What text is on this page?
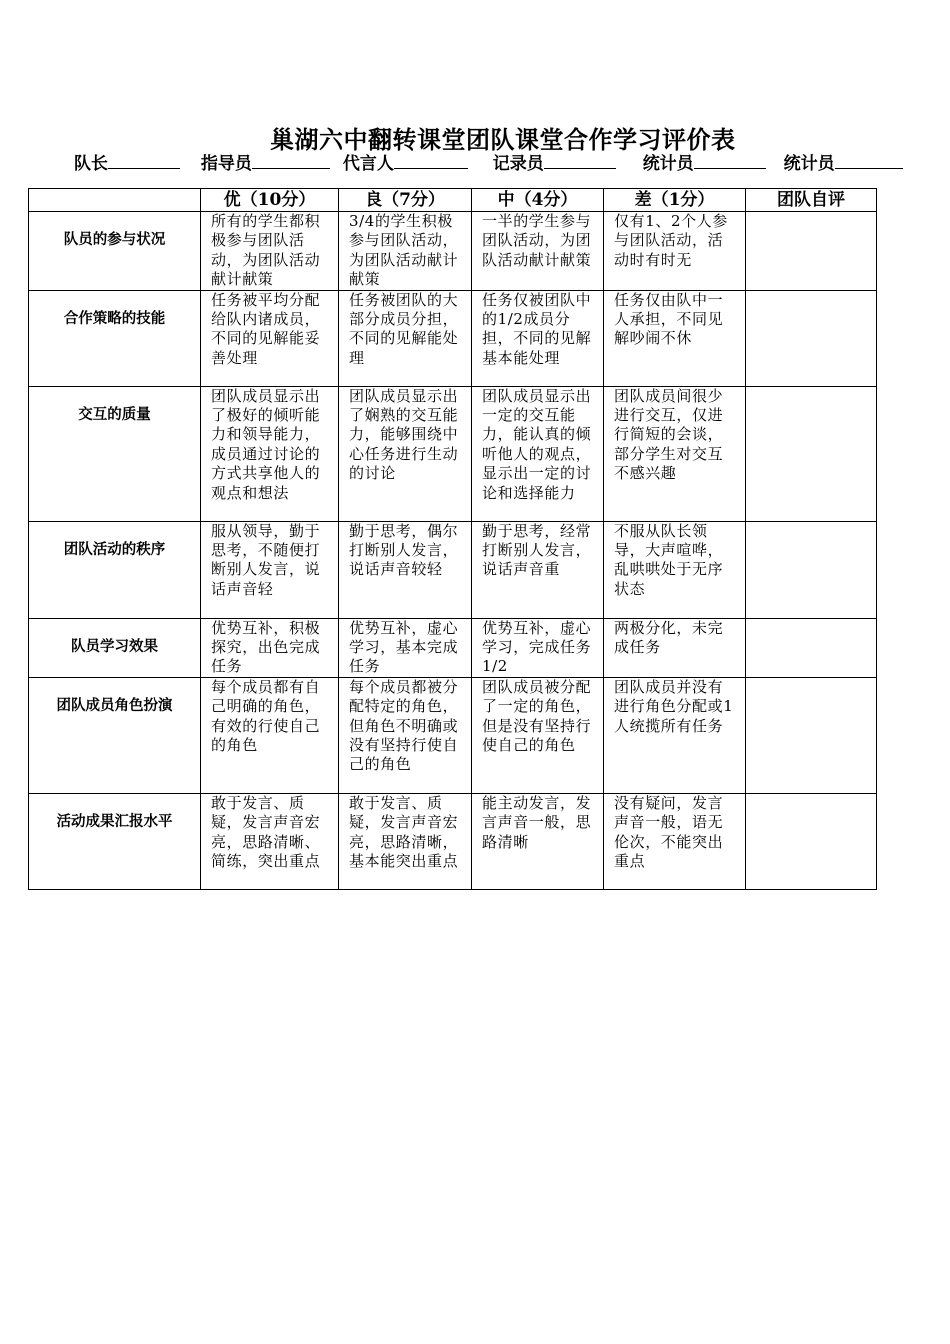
巢湖六中翻转课堂团队课堂合作学习评价表
队长	指导员	代言人	记录员	统计员	统计员
	优（10分）	良（7分）	中（4分）	差（1分）	团队自评

队员的参与状况	所有的学生都积极参与团队活动，为团队活动献计献策	3/4的学生积极参与团队活动，为团队活动献计献策	一半的学生参与团队活动，为团队活动献计献策	仅有1、2个人参与团队活动，活动时有时无	

合作策略的技能	任务被平均分配给队内诸成员，不同的见解能妥善处理	任务被团队的大部分成员分担，不同的见解能处理	任务仅被团队中的1/2成员分担，不同的见解基本能处理	任务仅由队中一人承担，不同见解吵闹不休	

交互的质量	团队成员显示出了极好的倾听能力和领导能力，成员通过讨论的方式共享他人的观点和想法	团队成员显示出了娴熟的交互能力，能够围绕中心任务进行生动的讨论	团队成员显示出一定的交互能力，能认真的倾听他人的观点，显示出一定的讨论和选择能力	团队成员间很少进行交互，仅进行简短的会谈，部分学生对交互不感兴趣	

团队活动的秩序	服从领导，勤于思考，不随便打断别人发言，说话声音轻	勤于思考，偶尔打断别人发言，说话声音较轻	勤于思考，经常打断别人发言，说话声音重	不服从队长领导，大声喧哗，乱哄哄处于无序状态	

队员学习效果	优势互补，积极探究，出色完成任务	优势互补，虚心学习，基本完成任务	优势互补，虚心学习，完成任务1/2	两极分化，未完成任务	

团队成员角色扮演	每个成员都有自己明确的角色，有效的行使自己的角色	每个成员都被分配特定的角色，但角色不明确或没有坚持行使自己的角色	团队成员被分配了一定的角色，但是没有坚持行使自己的角色	团队成员并没有进行角色分配或1人统揽所有任务	

活动成果汇报水平	敢于发言、质疑，发言声音宏亮，思路清晰、简练，突出重点	敢于发言、质疑，发言声音宏亮，思路清晰，基本能突出重点	能主动发言，发言声音一般，思路清晰	没有疑问，发言声音一般，语无伦次，不能突出重点	
